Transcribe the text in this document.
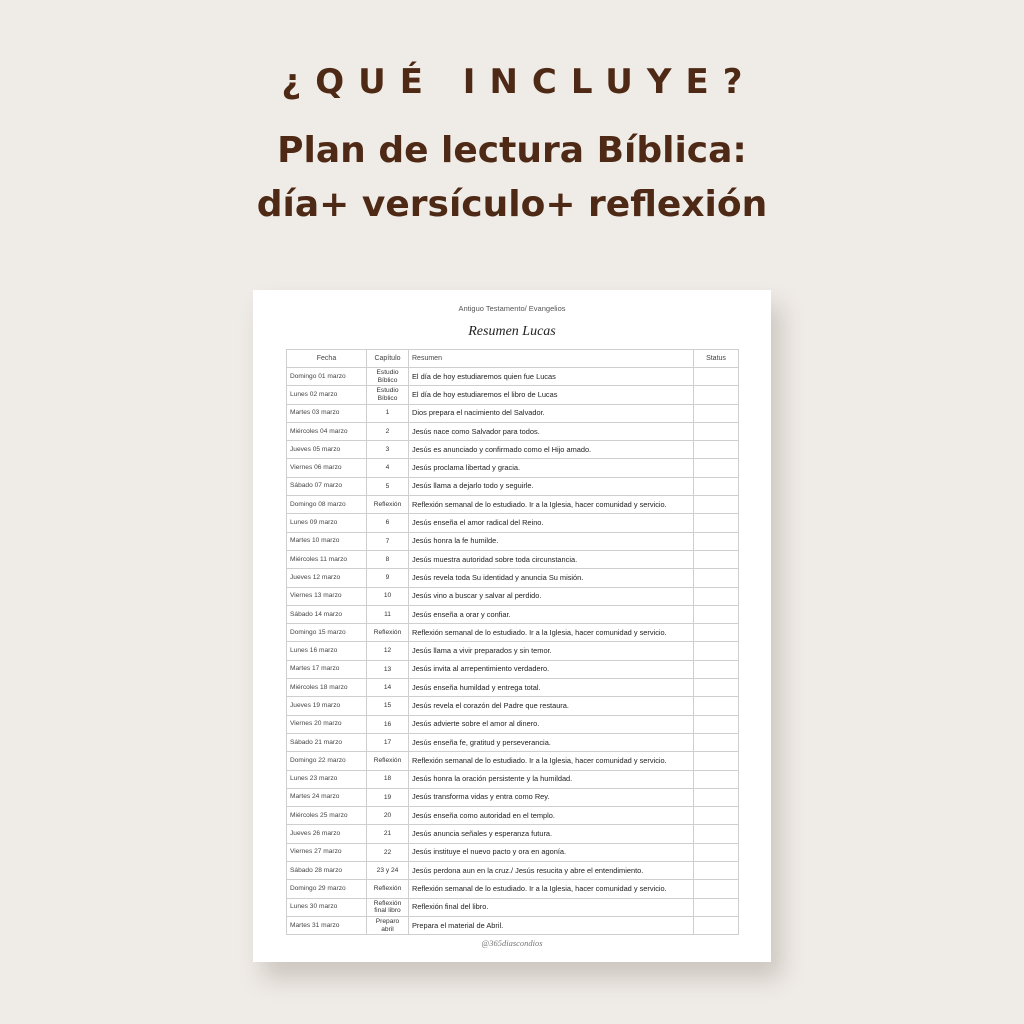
¿QUÉ INCLUYE?
Plan de lectura Bíblica:
día+ versículo+ reflexión
Antiguo Testamento/ Evangelios
Resumen Lucas
Fecha	Capítulo	Resumen	Status
Domingo 01 marzo	Estudio Bíblico	El día de hoy estudiaremos quien fue Lucas	
Lunes 02 marzo	Estudio Bíblico	El día de hoy estudiaremos el libro de Lucas	
Martes 03 marzo	1	Dios prepara el nacimiento del Salvador.	
Miércoles 04 marzo	2	Jesús nace como Salvador para todos.	
Jueves 05 marzo	3	Jesús es anunciado y confirmado como el Hijo amado.	
Viernes 06 marzo	4	Jesús proclama libertad y gracia.	
Sábado 07 marzo	5	Jesús llama a dejarlo todo y seguirle.	
Domingo 08 marzo	Reflexión	Reflexión semanal de lo estudiado. Ir a la Iglesia, hacer comunidad y servicio.	
Lunes 09 marzo	6	Jesús enseña el amor radical del Reino.	
Martes 10 marzo	7	Jesús honra la fe humilde.	
Miércoles 11 marzo	8	Jesús muestra autoridad sobre toda circunstancia.	
Jueves 12 marzo	9	Jesús revela toda Su identidad y anuncia Su misión.	
Viernes 13 marzo	10	Jesús vino a buscar y salvar al perdido.	
Sábado 14 marzo	11	Jesús enseña a orar y confiar.	
Domingo 15 marzo	Reflexión	Reflexión semanal de lo estudiado. Ir a la Iglesia, hacer comunidad y servicio.	
Lunes 16 marzo	12	Jesús llama a vivir preparados y sin temor.	
Martes 17 marzo	13	Jesús invita al arrepentimiento verdadero.	
Miércoles 18 marzo	14	Jesús enseña humildad y entrega total.	
Jueves 19 marzo	15	Jesús revela el corazón del Padre que restaura.	
Viernes 20 marzo	16	Jesús advierte sobre el amor al dinero.	
Sábado 21 marzo	17	Jesús enseña fe, gratitud y perseverancia.	
Domingo 22 marzo	Reflexión	Reflexión semanal de lo estudiado. Ir a la Iglesia, hacer comunidad y servicio.	
Lunes 23 marzo	18	Jesús honra la oración persistente y la humildad.	
Martes 24 marzo	19	Jesús transforma vidas y entra como Rey.	
Miércoles 25 marzo	20	Jesús enseña como autoridad en el templo.	
Jueves 26 marzo	21	Jesús anuncia señales y esperanza futura.	
Viernes 27 marzo	22	Jesús instituye el nuevo pacto y ora en agonía.	
Sábado 28 marzo	23 y 24	Jesús perdona aun en la cruz./ Jesús resucita y abre el entendimiento.	
Domingo 29 marzo	Reflexión	Reflexión semanal de lo estudiado. Ir a la Iglesia, hacer comunidad y servicio.	
Lunes 30 marzo	Reflexión final libro	Reflexión final del libro.	
Martes 31 marzo	Preparo abril	Prepara el material de Abril.	
@365diascondios
